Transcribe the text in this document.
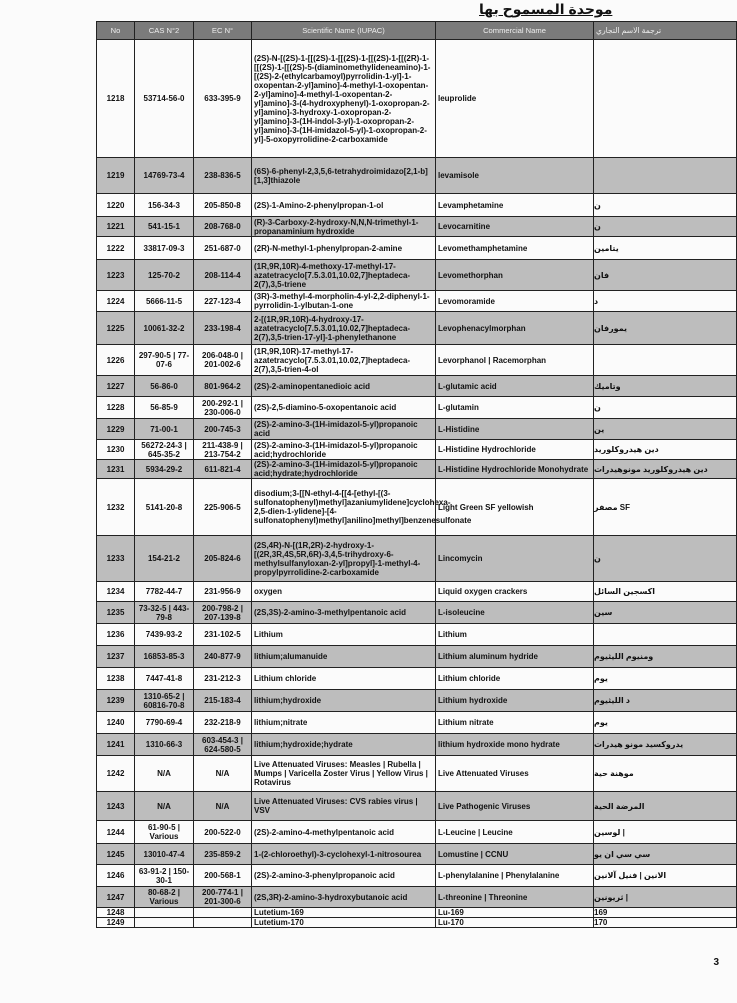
موحدة المسموح بها
No	CAS N°2	EC N°	Scientific Name (IUPAC)	Commercial Name	ترجمة الاسم التجاري
1218	53714-56-0	633-395-9	(2S)-N-[(2S)-1-[[(2S)-1-[[(2S)-1-[[(2S)-1-[[(2R)-1-[[(2S)-1-[[(2S)-5-(diaminomethylideneamino)-1-[(2S)-2-(ethylcarbamoyl)pyrrolidin-1-yl]-1-oxopentan-2-yl]amino]-4-methyl-1-oxopentan-2-yl]amino]-4-methyl-1-oxopentan-2-yl]amino]-3-(4-hydroxyphenyl)-1-oxopropan-2-yl]amino]-3-hydroxy-1-oxopropan-2-yl]amino]-3-(1H-indol-3-yl)-1-oxopropan-2-yl]amino]-3-(1H-imidazol-5-yl)-1-oxopropan-2-yl]-5-oxopyrrolidine-2-carboxamide	leuprolide	
1219	14769-73-4	238-836-5	(6S)-6-phenyl-2,3,5,6-tetrahydroimidazo[2,1-b][1,3]thiazole	levamisole	
1220	156-34-3	205-850-8	(2S)-1-Amino-2-phenylpropan-1-ol	Levamphetamine	ن
1221	541-15-1	208-768-0	(R)-3-Carboxy-2-hydroxy-N,N,N-trimethyl-1-propanaminium hydroxide	Levocarnitine	ن
1222	33817-09-3	251-687-0	(2R)-N-methyl-1-phenylpropan-2-amine	Levomethamphetamine	يتامين
1223	125-70-2	208-114-4	(1R,9R,10R)-4-methoxy-17-methyl-17-azatetracyclo[7.5.3.01,10.02,7]heptadeca-2(7),3,5-triene	Levomethorphan	فان
1224	5666-11-5	227-123-4	(3R)-3-methyl-4-morpholin-4-yl-2,2-diphenyl-1-pyrrolidin-1-ylbutan-1-one	Levomoramide	د
1225	10061-32-2	233-198-4	2-[(1R,9R,10R)-4-hydroxy-17-azatetracyclo[7.5.3.01,10.02,7]heptadeca-2(7),3,5-trien-17-yl]-1-phenylethanone	Levophenacylmorphan	يمورفان
1226	297-90-5 | 77-07-6	206-048-0 | 201-002-6	(1R,9R,10R)-17-methyl-17-azatetracyclo[7.5.3.01,10.02,7]heptadeca-2(7),3,5-trien-4-ol	Levorphanol | Racemorphan	
1227	56-86-0	801-964-2	(2S)-2-aminopentanedioic acid	L-glutamic acid	وتاميك
1228	56-85-9	200-292-1 | 230-006-0	(2S)-2,5-diamino-5-oxopentanoic acid	L-glutamin	ن
1229	71-00-1	200-745-3	(2S)-2-amino-3-(1H-imidazol-5-yl)propanoic acid	L-Histidine	ين
1230	56272-24-3 | 645-35-2	211-438-9 | 213-754-2	(2S)-2-amino-3-(1H-imidazol-5-yl)propanoic acid;hydrochloride	L-Histidine Hydrochloride	دين هيدروكلوريد
1231	5934-29-2	611-821-4	(2S)-2-amino-3-(1H-imidazol-5-yl)propanoic acid;hydrate;hydrochloride	L-Histidine Hydrochloride Monohydrate	دين هيدروكلوريد مونوهيدرات
1232	5141-20-8	225-906-5	disodium;3-[[N-ethyl-4-[[4-[ethyl-[(3-sulfonatophenyl)methyl]azaniumylidene]cyclohexa-2,5-dien-1-ylidene]-[4-sulfonatophenyl)methyl]anilino]methyl]benzenesulfonate	Light Green SF yellowish	SF مصفر
1233	154-21-2	205-824-6	(2S,4R)-N-[(1R,2R)-2-hydroxy-1-[(2R,3R,4S,5R,6R)-3,4,5-trihydroxy-6-methylsulfanyloxan-2-yl]propyl]-1-methyl-4-propylpyrrolidine-2-carboxamide	Lincomycin	ن
1234	7782-44-7	231-956-9	oxygen	Liquid oxygen crackers	اكسجين السائل
1235	73-32-5 | 443-79-8	200-798-2 | 207-139-8	(2S,3S)-2-amino-3-methylpentanoic acid	L-isoleucine	سين
1236	7439-93-2	231-102-5	Lithium	Lithium	
1237	16853-85-3	240-877-9	lithium;alumanuide	Lithium aluminum hydride	ومنيوم الليثيوم
1238	7447-41-8	231-212-3	Lithium chloride	Lithium chloride	يوم
1239	1310-65-2 | 60816-70-8	215-183-4	lithium;hydroxide	Lithium hydroxide	د الليثيوم
1240	7790-69-4	232-218-9	lithium;nitrate	Lithium nitrate	يوم
1241	1310-66-3	603-454-3 | 624-580-5	lithium;hydroxide;hydrate	lithium hydroxide mono hydrate	يدروكسيد مونو هيدرات
1242	N/A	N/A	Live Attenuated Viruses: Measles | Rubella | Mumps | Varicella Zoster Virus | Yellow Virus | Rotavirus	Live Attenuated Viruses	موهنة حية
1243	N/A	N/A	Live Attenuated Viruses: CVS rabies virus | VSV	Live Pathogenic Viruses	المرضة الحية
1244	61-90-5 | Various	200-522-0	(2S)-2-amino-4-methylpentanoic acid	L-Leucine | Leucine	| لوسين
1245	13010-47-4	235-859-2	1-(2-chloroethyl)-3-cyclohexyl-1-nitrosourea	Lomustine | CCNU	سي سي ان يو
1246	63-91-2 | 150-30-1	200-568-1	(2S)-2-amino-3-phenylpropanoic acid	L-phenylalanine | Phenylalanine	الانين | فنيل آلانين
1247	80-68-2 | Various	200-774-1 | 201-300-6	(2S,3R)-2-amino-3-hydroxybutanoic acid	L-threonine | Threonine	| ثريونين
1248			Lutetium-169	Lu-169	169
1249			Lutetium-170	Lu-170	170
3
